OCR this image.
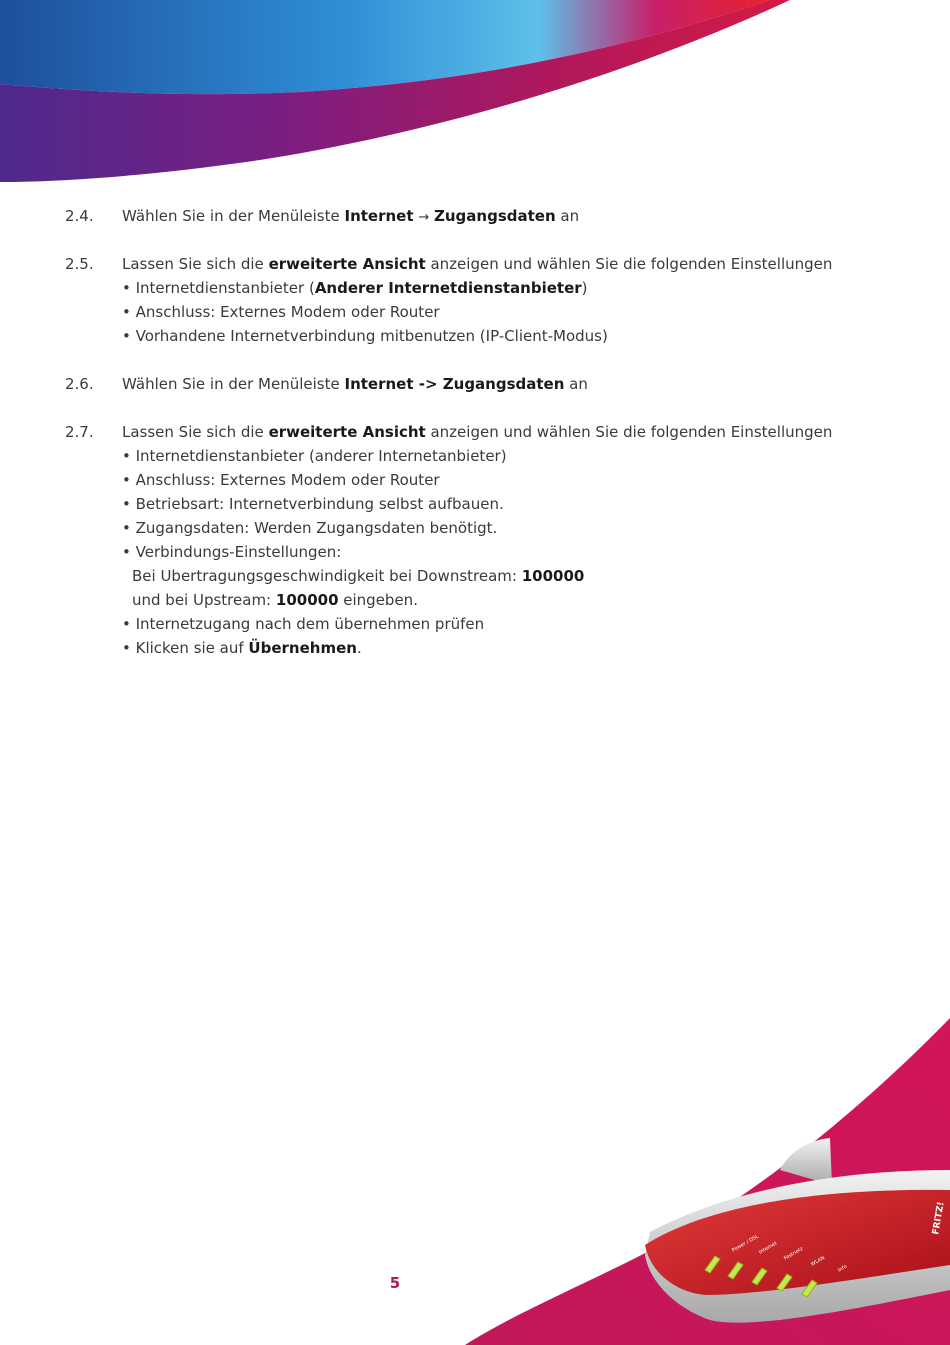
2.4.	Wählen Sie in der Menüleiste Internet → Zugangsdaten an
2.5.	Lassen Sie sich die erweiterte Ansicht anzeigen und wählen Sie die folgenden Einstellungen
• Internetdienstanbieter (Anderer Internetdienstanbieter)
• Anschluss: Externes Modem oder Router
• Vorhandene Internetverbindung mitbenutzen (IP-Client-Modus)
2.6.	Wählen Sie in der Menüleiste Internet -> Zugangsdaten an
2.7.	Lassen Sie sich die erweiterte Ansicht anzeigen und wählen Sie die folgenden Einstellungen
• Internetdienstanbieter (anderer Internetanbieter)
• Anschluss: Externes Modem oder Router
• Betriebsart: Internetverbindung selbst aufbauen.
• Zugangsdaten: Werden Zugangsdaten benötigt.
• Verbindungs-Einstellungen:
Bei Ubertragungsgeschwindigkeit bei Downstream: 100000
und bei Upstream: 100000 eingeben.
• Internetzugang nach dem übernehmen prüfen
• Klicken sie auf Übernehmen.
Power / DSL
Internet Festnetz WLAN
Info
FRITZ!
5
